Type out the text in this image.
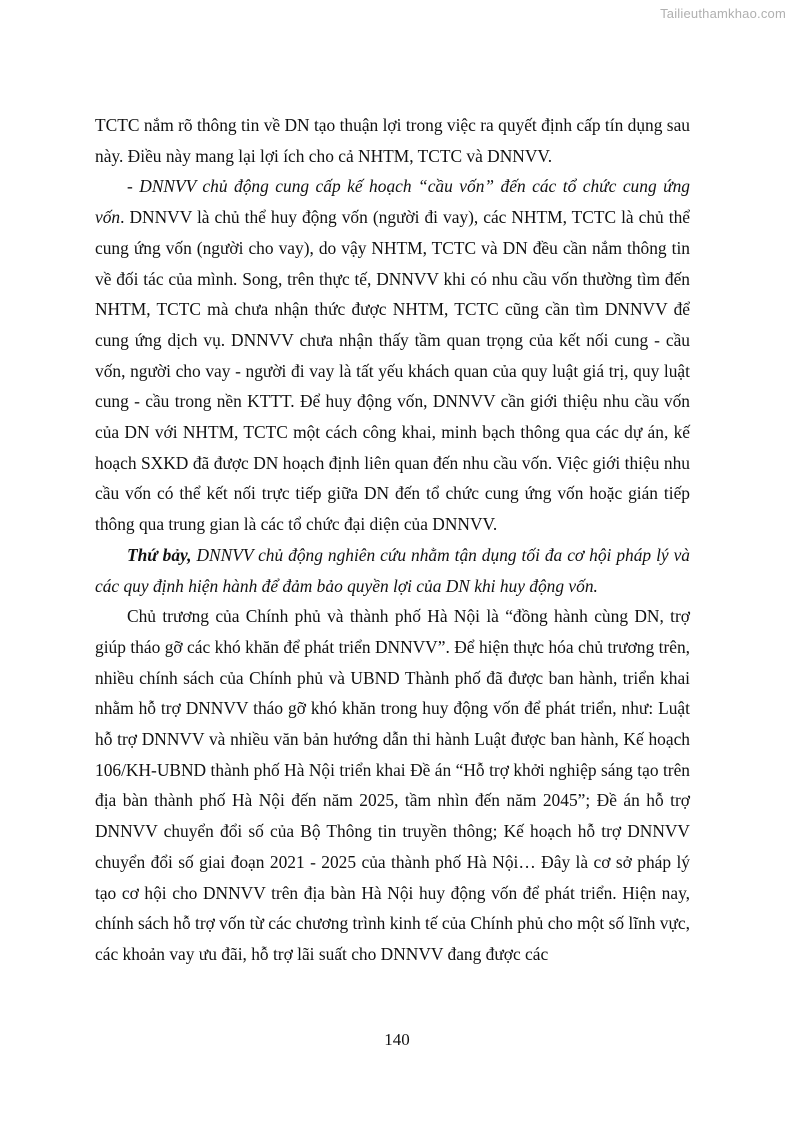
Tailieuthamkhao.com

TCTC nắm rõ thông tin về DN tạo thuận lợi trong việc ra quyết định cấp tín dụng sau này. Điều này mang lại lợi ích cho cả NHTM, TCTC và DNNVV.

- DNNVV chủ động cung cấp kế hoạch “cầu vốn” đến các tổ chức cung ứng vốn. DNNVV là chủ thể huy động vốn (người đi vay), các NHTM, TCTC là chủ thể cung ứng vốn (người cho vay), do vậy NHTM, TCTC và DN đều cần nắm thông tin về đối tác của mình. Song, trên thực tế, DNNVV khi có nhu cầu vốn thường tìm đến NHTM, TCTC mà chưa nhận thức được NHTM, TCTC cũng cần tìm DNNVV để cung ứng dịch vụ. DNNVV chưa nhận thấy tầm quan trọng của kết nối cung - cầu vốn, người cho vay - người đi vay là tất yếu khách quan của quy luật giá trị, quy luật cung - cầu trong nền KTTT. Để huy động vốn, DNNVV cần giới thiệu nhu cầu vốn của DN với NHTM, TCTC một cách công khai, minh bạch thông qua các dự án, kế hoạch SXKD đã được DN hoạch định liên quan đến nhu cầu vốn. Việc giới thiệu nhu cầu vốn có thể kết nối trực tiếp giữa DN đến tổ chức cung ứng vốn hoặc gián tiếp thông qua trung gian là các tổ chức đại diện của DNNVV.

Thứ bảy, DNNVV chủ động nghiên cứu nhằm tận dụng tối đa cơ hội pháp lý và các quy định hiện hành để đảm bảo quyền lợi của DN khi huy động vốn.

Chủ trương của Chính phủ và thành phố Hà Nội là “đồng hành cùng DN, trợ giúp tháo gỡ các khó khăn để phát triển DNNVV”. Để hiện thực hóa chủ trương trên, nhiều chính sách của Chính phủ và UBND Thành phố đã được ban hành, triển khai nhằm hỗ trợ DNNVV tháo gỡ khó khăn trong huy động vốn để phát triển, như: Luật hỗ trợ DNNVV và nhiều văn bản hướng dẫn thi hành Luật được ban hành, Kế hoạch 106/KH-UBND thành phố Hà Nội triển khai Đề án “Hỗ trợ khởi nghiệp sáng tạo trên địa bàn thành phố Hà Nội đến năm 2025, tầm nhìn đến năm 2045”; Đề án hỗ trợ DNNVV chuyển đổi số của Bộ Thông tin truyền thông; Kế hoạch hỗ trợ DNNVV chuyển đổi số giai đoạn 2021 - 2025 của thành phố Hà Nội… Đây là cơ sở pháp lý tạo cơ hội cho DNNVV trên địa bàn Hà Nội huy động vốn để phát triển. Hiện nay, chính sách hỗ trợ vốn từ các chương trình kinh tế của Chính phủ cho một số lĩnh vực, các khoản vay ưu đãi, hỗ trợ lãi suất cho DNNVV đang được các

140
